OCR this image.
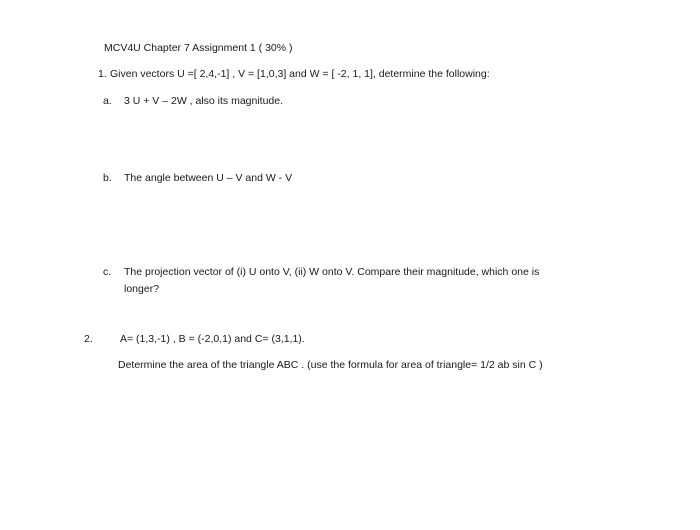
MCV4U Chapter 7 Assignment 1 ( 30% )
1. Given vectors U =[ 2,4,-1] , V = [1,0,3] and W = [ -2, 1, 1], determine the following:
a. 3 U + V – 2W , also its magnitude.
b. The angle between U – V and W - V
c. The projection vector of (i) U onto V, (ii) W onto V. Compare their magnitude, which one is
longer?
2.	A= (1,3,-1) , B = (-2,0,1) and C= (3,1,1).
Determine the area of the triangle ABC . (use the formula for area of triangle= 1/2 ab sin C )
